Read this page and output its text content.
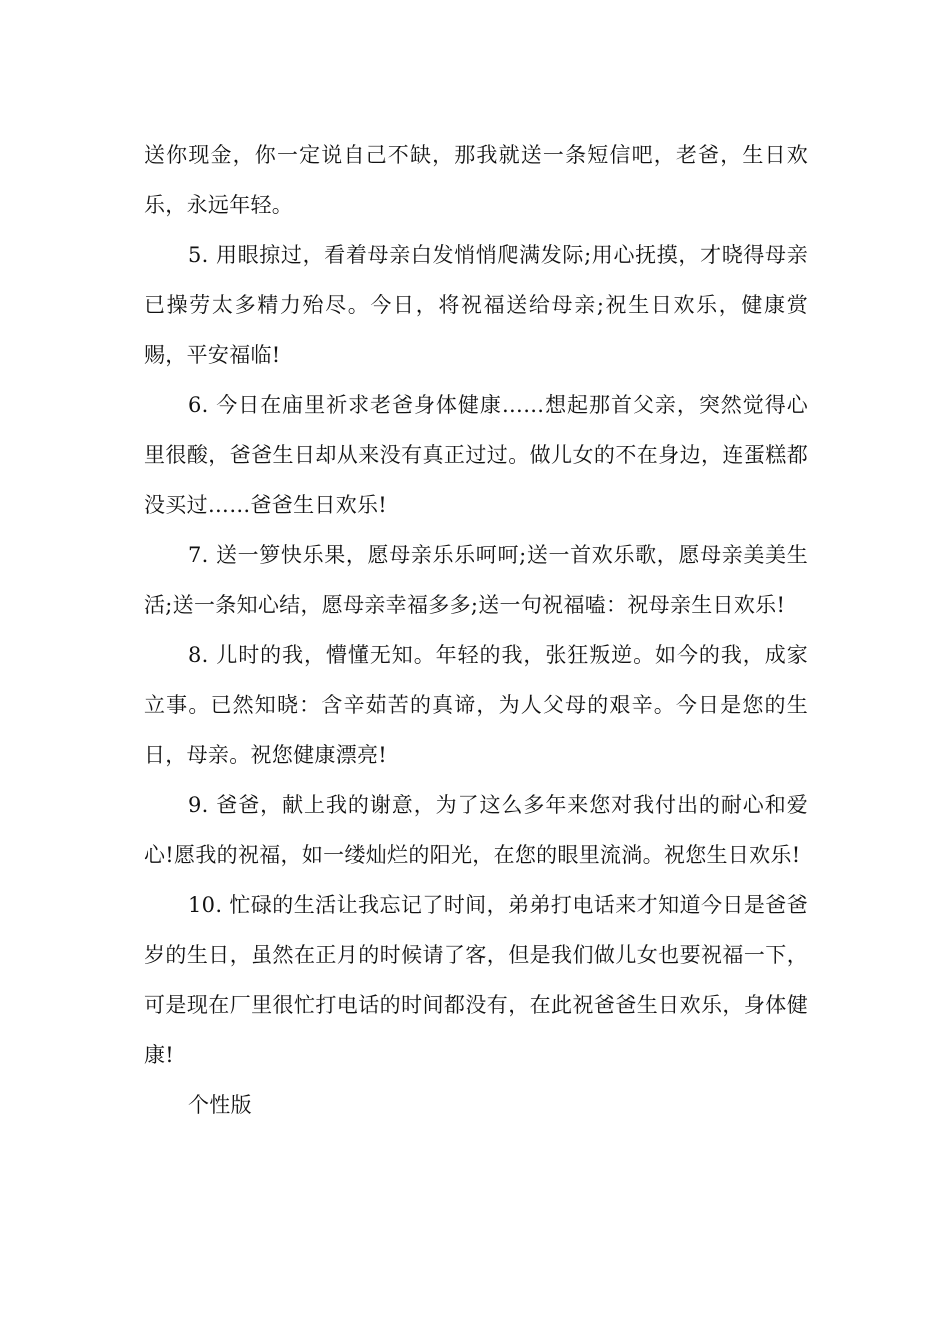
送你现金，你一定说自己不缺，那我就送一条短信吧，老爸，生日欢乐，永远年轻。

5. 用眼掠过，看着母亲白发悄悄爬满发际;用心抚摸，才晓得母亲已操劳太多精力殆尽。今日，将祝福送给母亲;祝生日欢乐，健康赏赐，平安福临!

6. 今日在庙里祈求老爸身体健康……想起那首父亲，突然觉得心里很酸，爸爸生日却从来没有真正过过。做儿女的不在身边，连蛋糕都没买过……爸爸生日欢乐!

7. 送一箩快乐果，愿母亲乐乐呵呵;送一首欢乐歌，愿母亲美美生活;送一条知心结，愿母亲幸福多多;送一句祝福嗑：祝母亲生日欢乐!

8. 儿时的我，懵懂无知。年轻的我，张狂叛逆。如今的我，成家立事。已然知晓：含辛茹苦的真谛，为人父母的艰辛。今日是您的生日，母亲。祝您健康漂亮!

9. 爸爸，献上我的谢意，为了这么多年来您对我付出的耐心和爱心!愿我的祝福，如一缕灿烂的阳光，在您的眼里流淌。祝您生日欢乐!

10. 忙碌的生活让我忘记了时间，弟弟打电话来才知道今日是爸爸岁的生日，虽然在正月的时候请了客，但是我们做儿女也要祝福一下，可是现在厂里很忙打电话的时间都没有，在此祝爸爸生日欢乐，身体健康!

个性版
